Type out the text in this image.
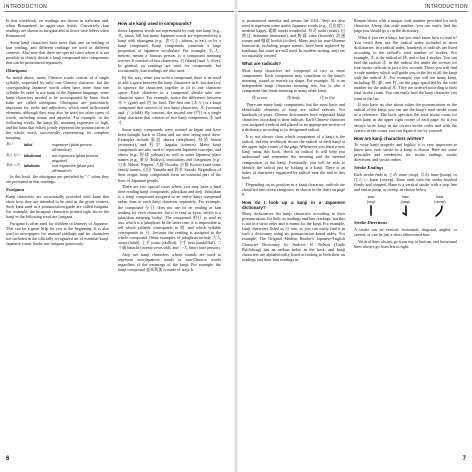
INTRODUCTION

In this workbook, on readings are shown in italicians and, when Romanized, in upper-case letters. Conversely, kun readings are shown as furigana and in lower-case letters when Romanized.

Some kanji characters have more than one on reading or kun reading, and different readings are used in different contexts. Also note that there are special cases where it is not possible to clearly divide a kanji compound into components that can be pronounced separately.

Okurigana

As noted above, many Chinese words consist of a single syllable, expressed by only one Chinese character, but the corresponding Japanese words often have more than one syllable. In order to use kanji in the Japanese language, some kanji characters needed to be accompanied by kana. Such kana are called okurigana. Okurigana are particularly important for verbs and adjectives, which need inflectional elements, although they may also be used for other types of words, including nouns and adverbs. For example, in the following words, the kanji 高, meaning expensive or high, and the kana that follow jointly represent the pronunciation of the whole word, successfully representing its complete meaning.

高い	takai	expensive (plain present affirmative)
高くない takakunai	not expensive (plain present negative)
高かった takakatta	was expensive (plain past affirmative)

In this book, the okurigana are preceded by "-" when they are presented in kun readings.

Furigana

Kanji characters are occasionally provided with kana that show how they are intended to be read in the given context. Such kana used as a pronunciation guide are called furigana. For example, the hiragana characters printed right above the kanji in the following word are furigana.

Furigana is often used for children or learners of Japanese. This can be a great help for you at the beginning. It is also used in newspapers for unusual readings and for characters not included in the officially recognized set of essential kanji. Japanese comic books use furigana generously.

How are kanji used in compounds?

Some Japanese words are represented by only one kanji (e.g., 木, yama, hill, but many Japanese words are represented by a kanji with okurigana (e.g., 食べる, taberu, to eat), or by a kanji compound. Kanji compounds constitute a large proportion of Japanese vocabulary. For example, 名人, meiren, means a famous person, is a compound meaning teacher. It consists of two characters, 名 (ahead) and 人 (live). In general, on readings are used for compounds, but occasionally, kun readings are also used.

By the way, when you write a compound, there is no need to add a space between the kanji characters in it, but don't try to squeeze the characters together to fit in one character space. Each character in a compound should take one character space. For example, notice the difference between 木々 (gate) and 門 (to fast). The first one (木々) is a kanji compound that consists of two kanji characters, 木 (woman) and 子 (child). By contrast, the second one (門) is a single kanji character that consists of two kanji components 木 and 寸.

Some kanji compounds were created in Japan and have been brought back to China and are now being used there. Examples include 電話 denwa (telephone), 経済 keizai (economy), and 科学 kagaku (science). Many kanji compounds are also used to represent Japanese concepts, and others (e.g., 野球 yakyuu) as well as some Japanese place names (e.g., 東京 Tookyo), institutions and companies (e.g., 日本 Nihon, Nippon, 大阪 Oosaka, 京都 Kyooto) and some family names, 山田 Yamada and 鈴木 Suzuki. Regardless of their origin, kanji compounds form an essential part of the lives of Japanese people.

There are two special cases where you may have a hard time reading kanji compounds: jukujikun and ateji. Jukujikun is a kanji compound assigned to an entire kanji compound rather than to each kanji character separately. For example, the compound 今日 does not use its on reading or kun reading for each character, but it is read as kyoo, which is a jukujikun meaning 'today'. The compound 明日 is read as asu, which is a jukujikun. In the latter case, it is impossible to tell which syllable corresponds to 明 and which syllable corresponds to 日, because the reading is assigned to the whole compound. Other examples of jukujikun include 大人 otona (adult), 上手 jouzu (skillful), 下手 heta (unskillful), 二十歳 hatachi (twenty years old), and 一人 hitori (one person).

Ateji are kanji characters whose sounds are used to represent non-Japanese words or non-Chinese words regardless of the meanings of the kanji. For example, the kanji compound 亜米利加 is made of ateji. It

6
INTRODUCTION

is pronounced amerika and means the USA. Ateji are also used to represent some native Japanese words (e.g., 目出度い medetai happy, 素敵 suteki wonderful, 寿司 sushi (sushi), 出鱈目 detarame (nonsense), and 野暮 yabo (boorish), 浪漫 roman and 珈琲 koohii (coffee). Many ateji for non-Chinese loanwords, including proper names, have been replaced by katakana, but some are still used. In modern writing, ateji are occasionally created.

What are radicals?

Most kanji characters are composed of two or more components. Each component may contribute to the kanji's meaning, sound, or merely its shape. For example, 休 is an independent kanji character meaning rest, but is also a component that lends meaning to many other kanji.

休 to rest	体 body	住 to live

There are many kanji components, but the most basic and identifiable elements of kanji are called radicals. For hundreds of years, Chinese dictionaries have organized kanji characters according to their radicals. Each Chinese character was assigned a radical and placed in an appropriate section of a dictionary according to its designated radical.

It is not always clear which component of a kanji is the radical, but this workbook shows the radical of each kanji at the upper right corner of the page. Whenever you learn a new kanji using this book, check its radical. It will help you understand and remember the meaning and the internal composition of the kanji. Eventually, you will be able to identify the radical just by looking at a kanji. There is an index of characters organized by radical near the end of this book.

Depending on its position in a kanji character, radicals are classified into seven categories, as shown in the chart on page 8.

How do I look up a kanji in a Japanese dictionary?

Many dictionaries list kanji characters according to their pronunciation, for both on readings and kun readings, but this is not in a strict order and is meant for the kanji. For example, kanji characters listed as の ono, so you can easily find it in such a dictionary using its pronunciation based index. For example, The Original Modern Reader's Japanese-English Character Dictionary by Andrew N. Nelson (Tuttle Publishing) has an on/kun index in the back, and kanji characters are alphabetically listed according to both their on readings and their kun readings in

Roman letters with a unique code number provided for each character. Using that code number, you can easily find the page you should go to in the dictionary.

What if you see a kanji, but you don't know how to read it? You could then use the radical index included in most dictionaries. In a radical index, hundreds of radicals are listed according to the radical's total number of strokes. For example, 木 is the radical of 林, and it has 4 strokes. You can find the radical 木 in the radical list under the section for four-stroke radicals in just a few seconds. There you will find a code number, which will guide you to the list of all the kanji with the radical 木. For example, you will see many kanji, including 林, 森, and 村, on the page specified by the code number for the radical 木. They are ordered according to their total stroke count. You can easily find the kanji character you want in the list.

If you have no clue about either the pronunciation or the radical of the kanji, you can use the kanji's total stroke count as a reference. The book specifies the total stroke count for each kanji in the upper right corner of each page. So if you always write kanji in the correct stroke order and with the correct stroke count, you can figure it out by yourself.

How are kanji characters written?

To write kanji properly and legibly, it is very important to know how each stroke in a kanji is drawn. Here are some principles and tendencies for stroke endings, stroke directions, and stroke orders.

Stroke Endings

Each stroke ends in とめ tome (stop), はね hane (jump), or はらい harai (sweep). Tome ends with the stroke brushed firmly and stopped. Hane is a vertical stroke with a stop line and end in jump, or sweep, as shown below.

tome
(stop)
hane
(jump)
harai
(sweep)
Stroke Directions

A stroke can be vertical, horizontal, diagonal, angled, or curved, or can be just a short abbreviated line.

Vertical lines always go from top to bottom, and horizontal lines always go from left to right.

7
